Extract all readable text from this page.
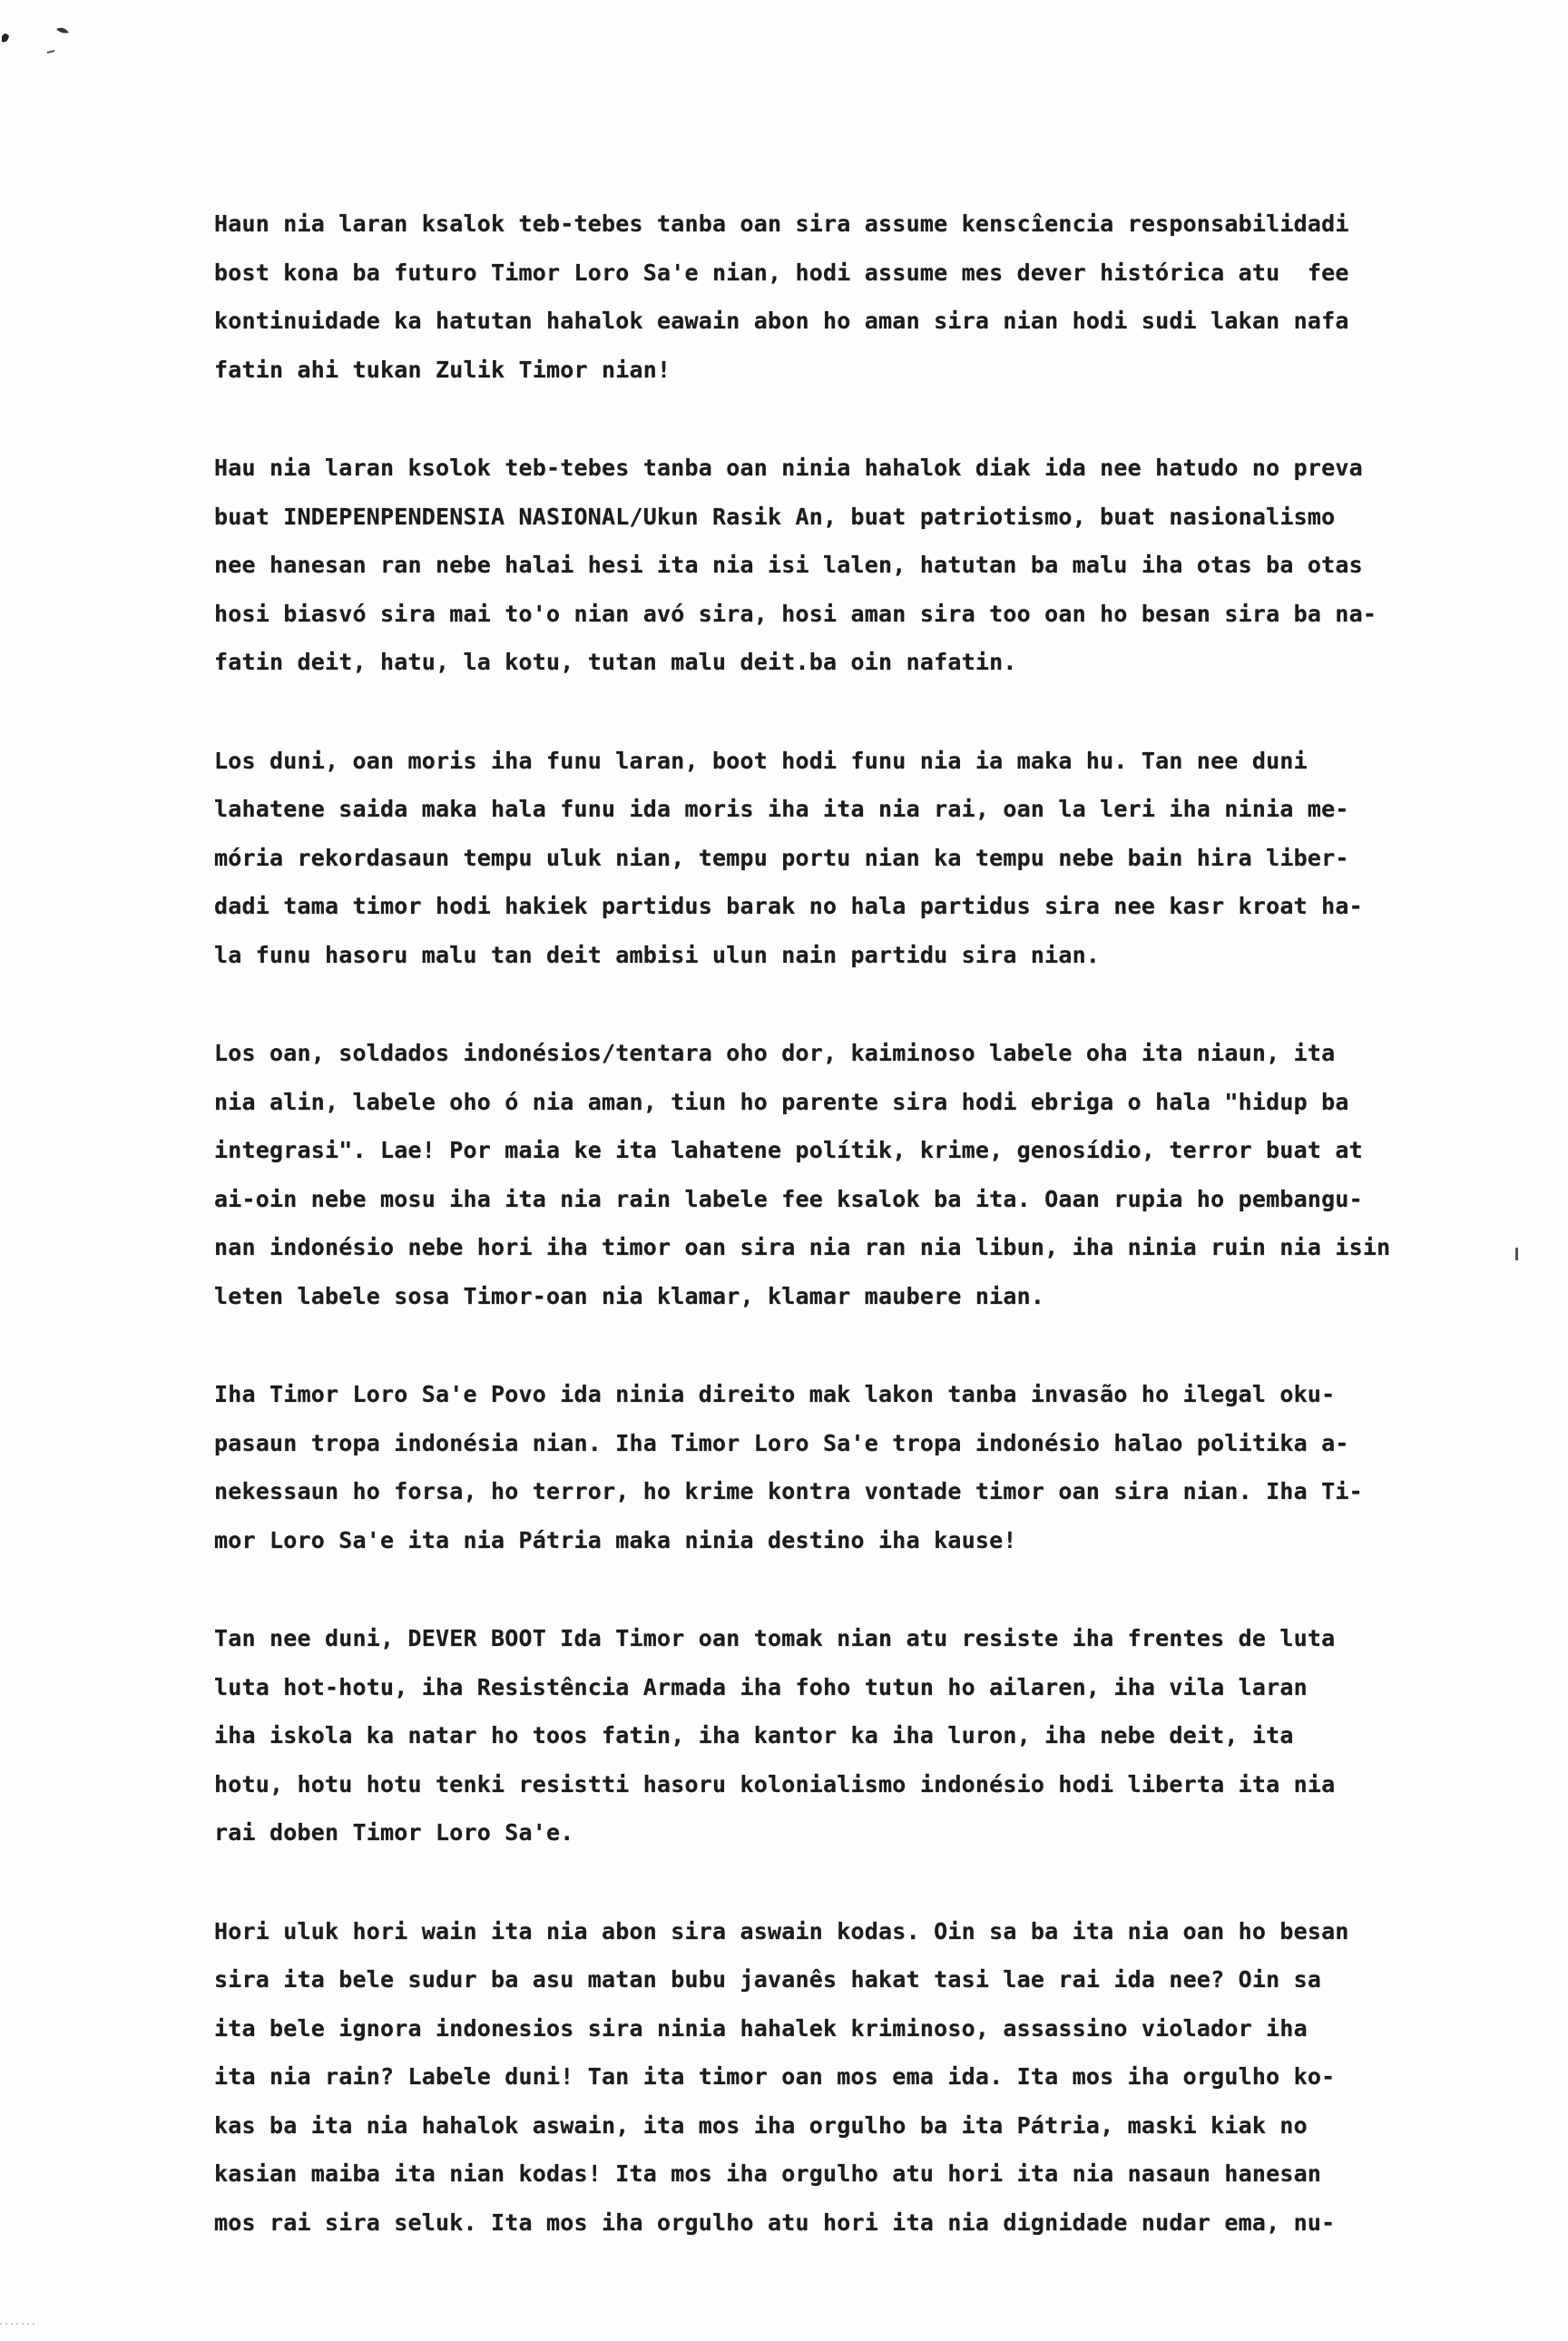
Haun nia laran ksalok teb-tebes tanba oan sira assume kenscîencia responsabilidadi
bost kona ba futuro Timor Loro Sa'e nian, hodi assume mes dever histórica atu  fee
kontinuidade ka hatutan hahalok eawain abon ho aman sira nian hodi sudi lakan nafa
fatin ahi tukan Zulik Timor nian!
Hau nia laran ksolok teb-tebes tanba oan ninia hahalok diak ida nee hatudo no preva
buat INDEPENPENDENSIA NASIONAL/Ukun Rasik An, buat patriotismo, buat nasionalismo
nee hanesan ran nebe halai hesi ita nia isi lalen, hatutan ba malu iha otas ba otas
hosi biasvó sira mai to'o nian avó sira, hosi aman sira too oan ho besan sira ba na-
fatin deit, hatu, la kotu, tutan malu deit.ba oin nafatin.
Los duni, oan moris iha funu laran, boot hodi funu nia ia maka hu. Tan nee duni
lahatene saida maka hala funu ida moris iha ita nia rai, oan la leri iha ninia me-
mória rekordasaun tempu uluk nian, tempu portu nian ka tempu nebe bain hira liber-
dadi tama timor hodi hakiek partidus barak no hala partidus sira nee kasr kroat ha-
la funu hasoru malu tan deit ambisi ulun nain partidu sira nian.
Los oan, soldados indonésios/tentara oho dor, kaiminoso labele oha ita niaun, ita
nia alin, labele oho ó nia aman, tiun ho parente sira hodi ebriga o hala "hidup ba
integrasi". Lae! Por maia ke ita lahatene polítik, krime, genosídio, terror buat at
ai-oin nebe mosu iha ita nia rain labele fee ksalok ba ita. Oaan rupia ho pembangu-
nan indonésio nebe hori iha timor oan sira nia ran nia libun, iha ninia ruin nia isin
leten labele sosa Timor-oan nia klamar, klamar maubere nian.
Iha Timor Loro Sa'e Povo ida ninia direito mak lakon tanba invasão ho ilegal oku-
pasaun tropa indonésia nian. Iha Timor Loro Sa'e tropa indonésio halao politika a-
nekessaun ho forsa, ho terror, ho krime kontra vontade timor oan sira nian. Iha Ti-
mor Loro Sa'e ita nia Pátria maka ninia destino iha kause!
Tan nee duni, DEVER BOOT Ida Timor oan tomak nian atu resiste iha frentes de luta
luta hot-hotu, iha Resistência Armada iha foho tutun ho ailaren, iha vila laran
iha iskola ka natar ho toos fatin, iha kantor ka iha luron, iha nebe deit, ita
hotu, hotu hotu tenki resistti hasoru kolonialismo indonésio hodi liberta ita nia
rai doben Timor Loro Sa'e.
Hori uluk hori wain ita nia abon sira aswain kodas. Oin sa ba ita nia oan ho besan
sira ita bele sudur ba asu matan bubu javanês hakat tasi lae rai ida nee? Oin sa
ita bele ignora indonesios sira ninia hahalek kriminoso, assassino violador iha
ita nia rain? Labele duni! Tan ita timor oan mos ema ida. Ita mos iha orgulho ko-
kas ba ita nia hahalok aswain, ita mos iha orgulho ba ita Pátria, maski kiak no
kasian maiba ita nian kodas! Ita mos iha orgulho atu hori ita nia nasaun hanesan
mos rai sira seluk. Ita mos iha orgulho atu hori ita nia dignidade nudar ema, nu-
